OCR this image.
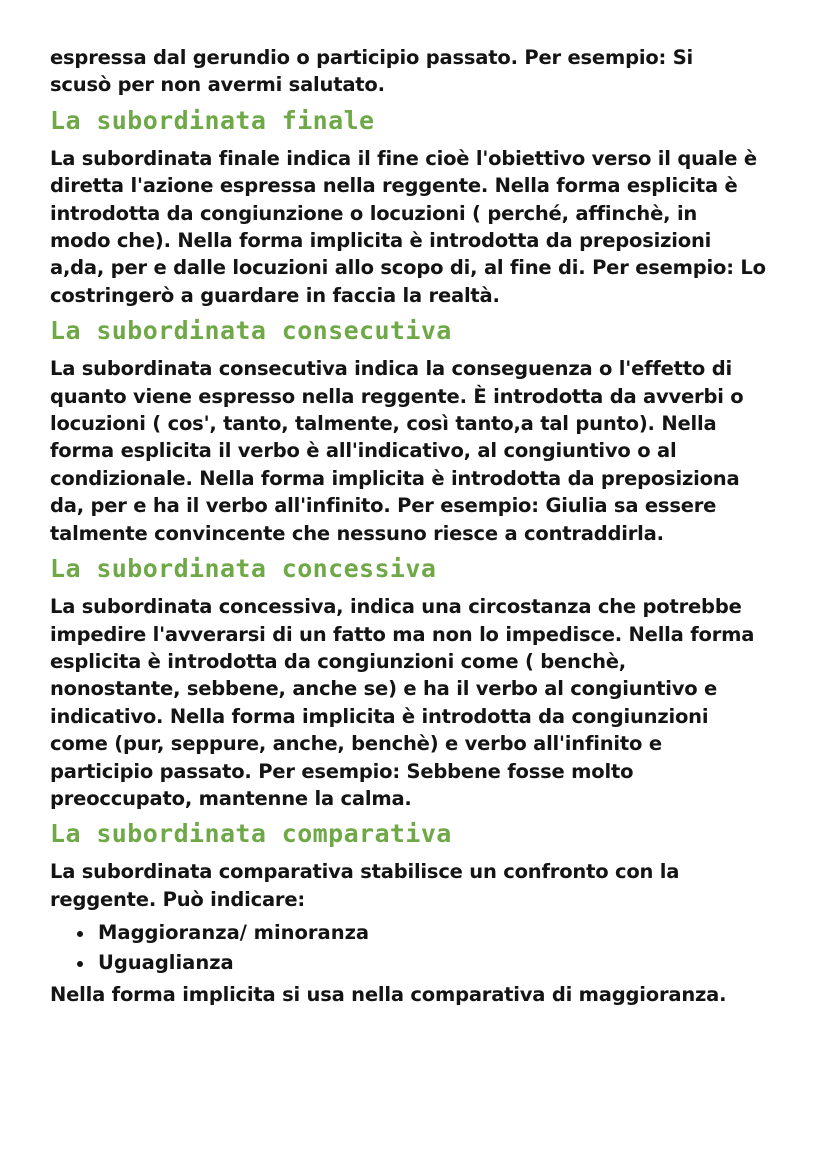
espressa dal gerundio o participio passato. Per esempio: Si
scusò per non avermi salutato.

La subordinata finale

La subordinata finale indica il fine cioè l'obiettivo verso il quale è
diretta l'azione espressa nella reggente. Nella forma esplicita è
introdotta da congiunzione o locuzioni ( perché, affinchè, in
modo che). Nella forma implicita è introdotta da preposizioni
a,da, per e dalle locuzioni allo scopo di, al fine di. Per esempio: Lo
costringerò a guardare in faccia la realtà.

La subordinata consecutiva

La subordinata consecutiva indica la conseguenza o l'effetto di
quanto viene espresso nella reggente. È introdotta da avverbi o
locuzioni ( cos', tanto, talmente, così tanto,a tal punto). Nella
forma esplicita il verbo è all'indicativo, al congiuntivo o al
condizionale. Nella forma implicita è introdotta da preposiziona
da, per e ha il verbo all'infinito. Per esempio: Giulia sa essere
talmente convincente che nessuno riesce a contraddirla.

La subordinata concessiva

La subordinata concessiva, indica una circostanza che potrebbe
impedire l'avverarsi di un fatto ma non lo impedisce. Nella forma
esplicita è introdotta da congiunzioni come ( benchè,
nonostante, sebbene, anche se) e ha il verbo al congiuntivo e
indicativo. Nella forma implicita è introdotta da congiunzioni
come (pur, seppure, anche, benchè) e verbo all'infinito e
participio passato. Per esempio: Sebbene fosse molto
preoccupato, mantenne la calma.

La subordinata comparativa

La subordinata comparativa stabilisce un confronto con la
reggente. Può indicare:

Maggioranza/ minoranza
Uguaglianza

Nella forma implicita si usa nella comparativa di maggioranza.
